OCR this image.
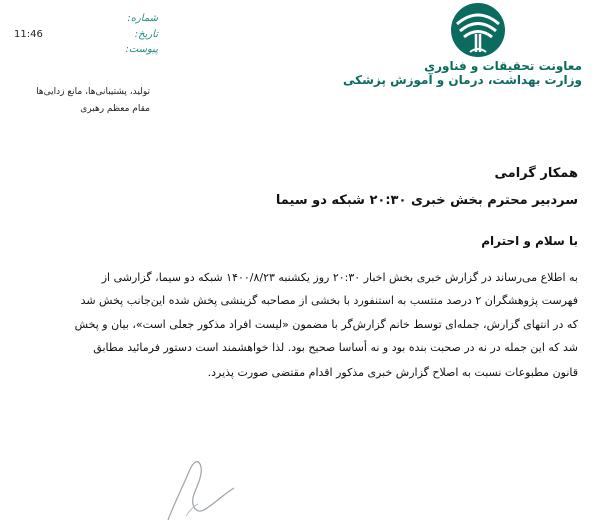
معاونت تحقیقات و فناوری
وزارت بهداشت، درمان و آموزش پزشکی
شماره:
11:46	تاریخ:
پیوست:
تولید، پشتیبانی‌ها، مانع زدایی‌ها
مقام معظم رهبری
همکار گرامی
سردبیر محترم بخش خبری ۲۰:۳۰ شبکه دو سیما
با سلام و احترام
به اطلاع می‌رساند در گزارش خبری بخش اخبار ۲۰:۳۰ روز یکشنبه ۱۴۰۰/۸/۲۳ شبکه دو سیما، گزارشی از
فهرست پژوهشگران ۲ درصد منتسب به استنفورد با بخشی از مصاحبه گزینشی پخش شده این‌جانب پخش شد
که در انتهای گزارش، جمله‌ای توسط خانم گزارش‌گر با مضمون «لیست افراد مذکور جعلی است»، بیان و پخش
شد که این جمله در نه در صحبت بنده بود و نه أساسا صحیح بود. لذا خواهشمند است دستور فرمائید مطابق
قانون مطبوعات نسبت به اصلاح گزارش خبری مذکور اقدام مقتضی صورت پذیرد.
